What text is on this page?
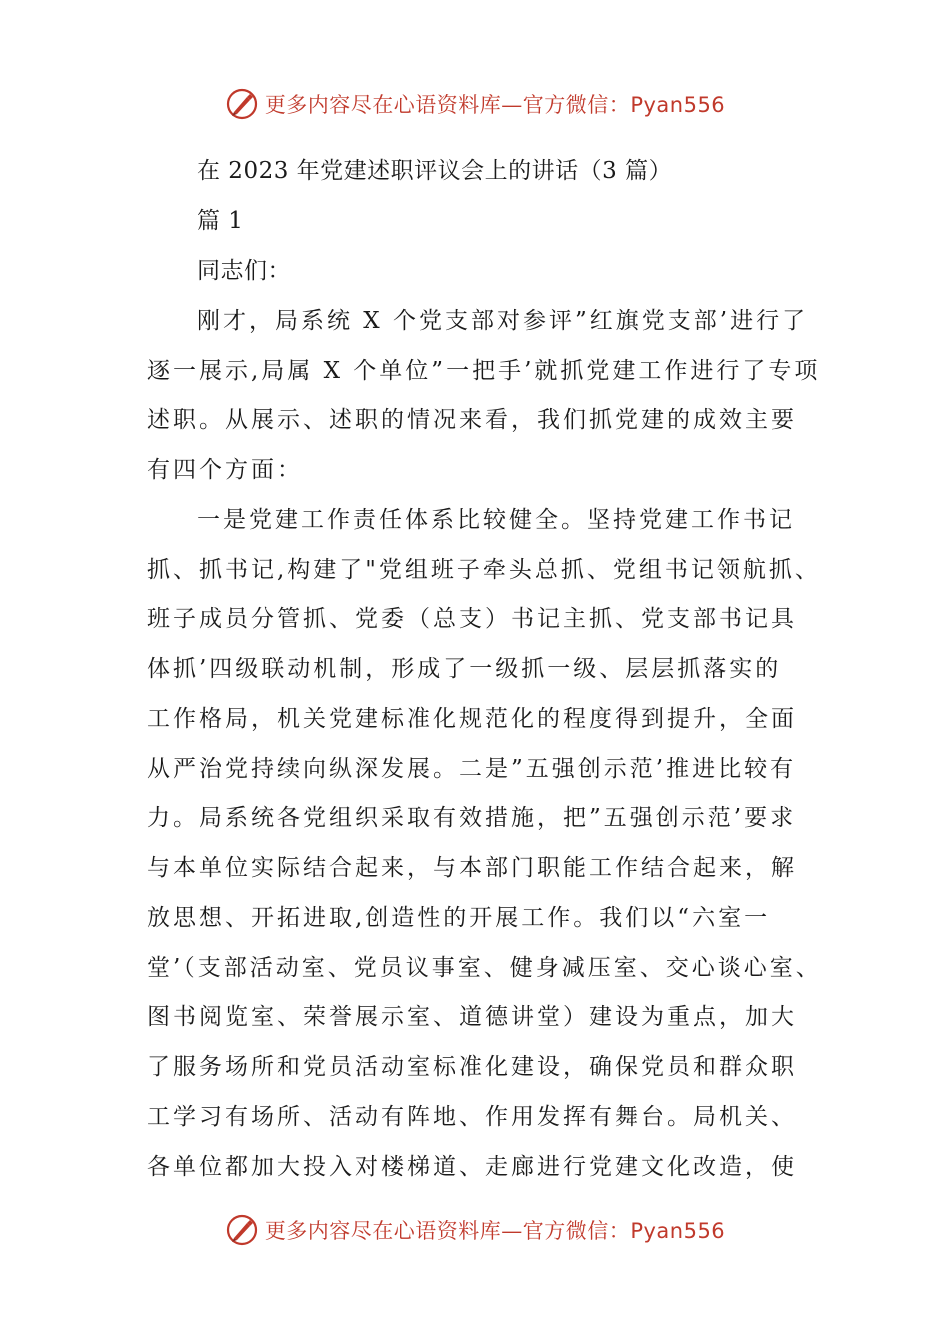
更多内容尽在心语资料库—官方微信：Pyan556
在 2023 年党建述职评议会上的讲话（3 篇）
篇 1
同志们：
刚才，局系统 X 个党支部对参评”红旗党支部’进行了
逐一展示,局属 X 个单位”一把手’就抓党建工作进行了专项
述职。从展示、述职的情况来看，我们抓党建的成效主要
有四个方面：
一是党建工作责任体系比较健全。坚持党建工作书记
抓、抓书记,构建了"党组班子牵头总抓、党组书记领航抓、
班子成员分管抓、党委（总支）书记主抓、党支部书记具
体抓’四级联动机制，形成了一级抓一级、层层抓落实的
工作格局，机关党建标准化规范化的程度得到提升，全面
从严治党持续向纵深发展。二是”五强创示范’推进比较有
力。局系统各党组织采取有效措施，把”五强创示范’要求
与本单位实际结合起来，与本部门职能工作结合起来，解
放思想、开拓进取,创造性的开展工作。我们以“六室一
堂’（支部活动室、党员议事室、健身减压室、交心谈心室、
图书阅览室、荣誉展示室、道德讲堂）建设为重点，加大
了服务场所和党员活动室标准化建设，确保党员和群众职
工学习有场所、活动有阵地、作用发挥有舞台。局机关、
各单位都加大投入对楼梯道、走廊进行党建文化改造，使
更多内容尽在心语资料库—官方微信：Pyan556
